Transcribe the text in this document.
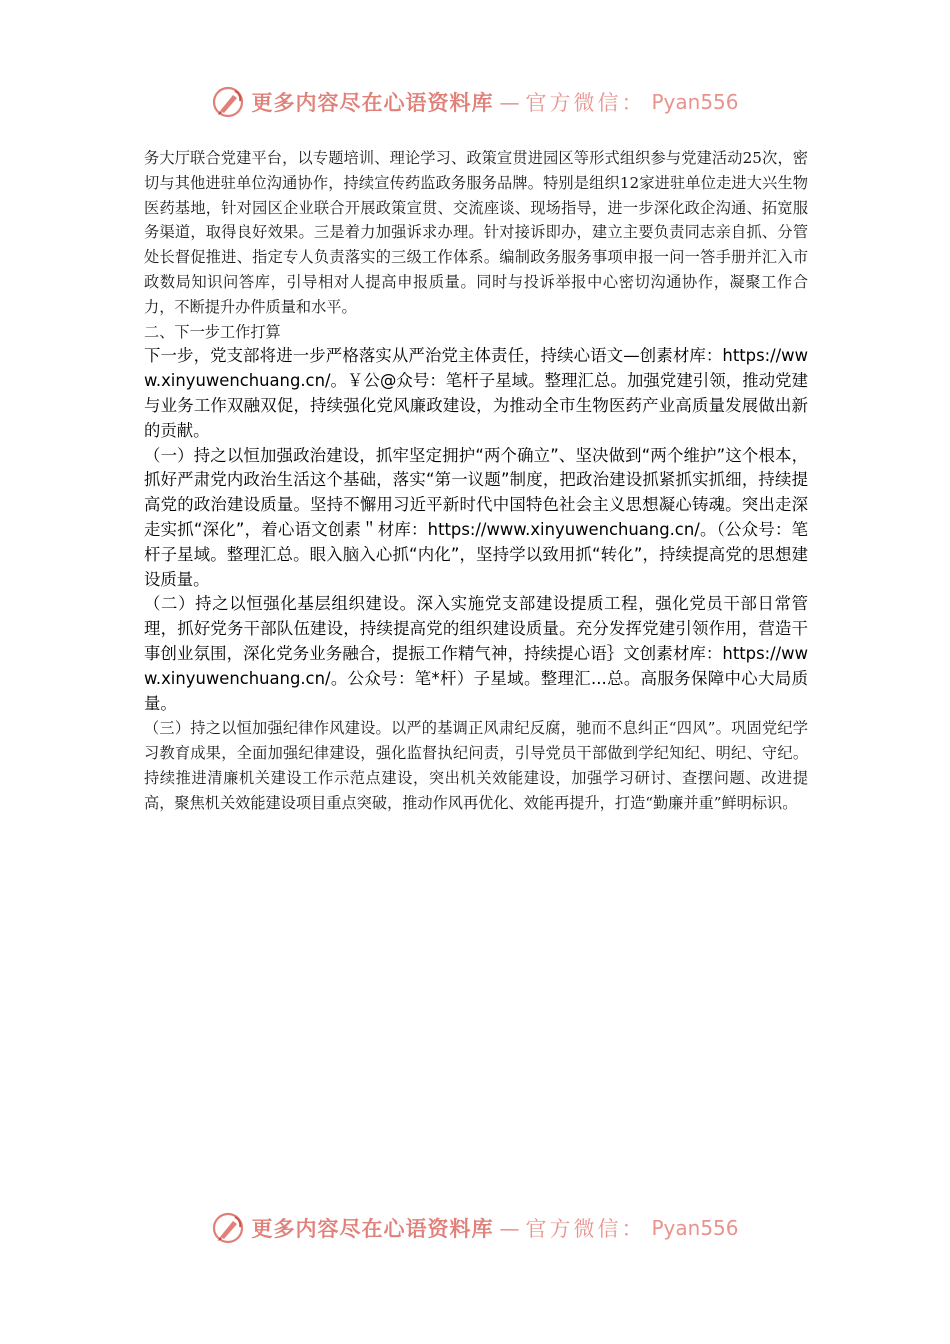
更多内容尽在心语资料库 — 官方微信： Pyan556

务大厅联合党建平台，以专题培训、理论学习、政策宣贯进园区等形式组织参与党建活动25次，密切与其他进驻单位沟通协作，持续宣传药监政务服务品牌。特别是组织12家进驻单位走进大兴生物医药基地，针对园区企业联合开展政策宣贯、交流座谈、现场指导，进一步深化政企沟通、拓宽服务渠道，取得良好效果。三是着力加强诉求办理。针对接诉即办，建立主要负责同志亲自抓、分管处长督促推进、指定专人负责落实的三级工作体系。编制政务服务事项申报一问一答手册并汇入市政数局知识问答库，引导相对人提高申报质量。同时与投诉举报中心密切沟通协作，凝聚工作合力，不断提升办件质量和水平。

二、下一步工作打算

下一步，党支部将进一步严格落实从严治党主体责任，持续心语文—创素材库：https://www.xinyuwenchuang.cn/。￥公@众号：笔杆子星域。整理汇总。加强党建引领，推动党建与业务工作双融双促，持续强化党风廉政建设，为推动全市生物医药产业高质量发展做出新的贡献。

（一）持之以恒加强政治建设，抓牢坚定拥护“两个确立”、坚决做到“两个维护”这个根本，抓好严肃党内政治生活这个基础，落实“第一议题”制度，把政治建设抓紧抓实抓细，持续提高党的政治建设质量。坚持不懈用习近平新时代中国特色社会主义思想凝心铸魂。突出走深走实抓“深化”，着心语文创素＂材库：https://www.xinyuwenchuang.cn/。（公众号：笔杆子星域。整理汇总。眼入脑入心抓“内化”，坚持学以致用抓“转化”，持续提高党的思想建设质量。

（二）持之以恒强化基层组织建设。深入实施党支部建设提质工程，强化党员干部日常管理，抓好党务干部队伍建设，持续提高党的组织建设质量。充分发挥党建引领作用，营造干事创业氛围，深化党务业务融合，提振工作精气神，持续提心语｝文创素材库：https://www.xinyuwenchuang.cn/。公众号：笔*杆）子星域。整理汇...总。高服务保障中心大局质量。

（三）持之以恒加强纪律作风建设。以严的基调正风肃纪反腐，驰而不息纠正“四风”。巩固党纪学习教育成果，全面加强纪律建设，强化监督执纪问责，引导党员干部做到学纪知纪、明纪、守纪。持续推进清廉机关建设工作示范点建设，突出机关效能建设，加强学习研讨、查摆问题、改进提高，聚焦机关效能建设项目重点突破，推动作风再优化、效能再提升，打造“勤廉并重”鲜明标识。

更多内容尽在心语资料库 — 官方微信： Pyan556
